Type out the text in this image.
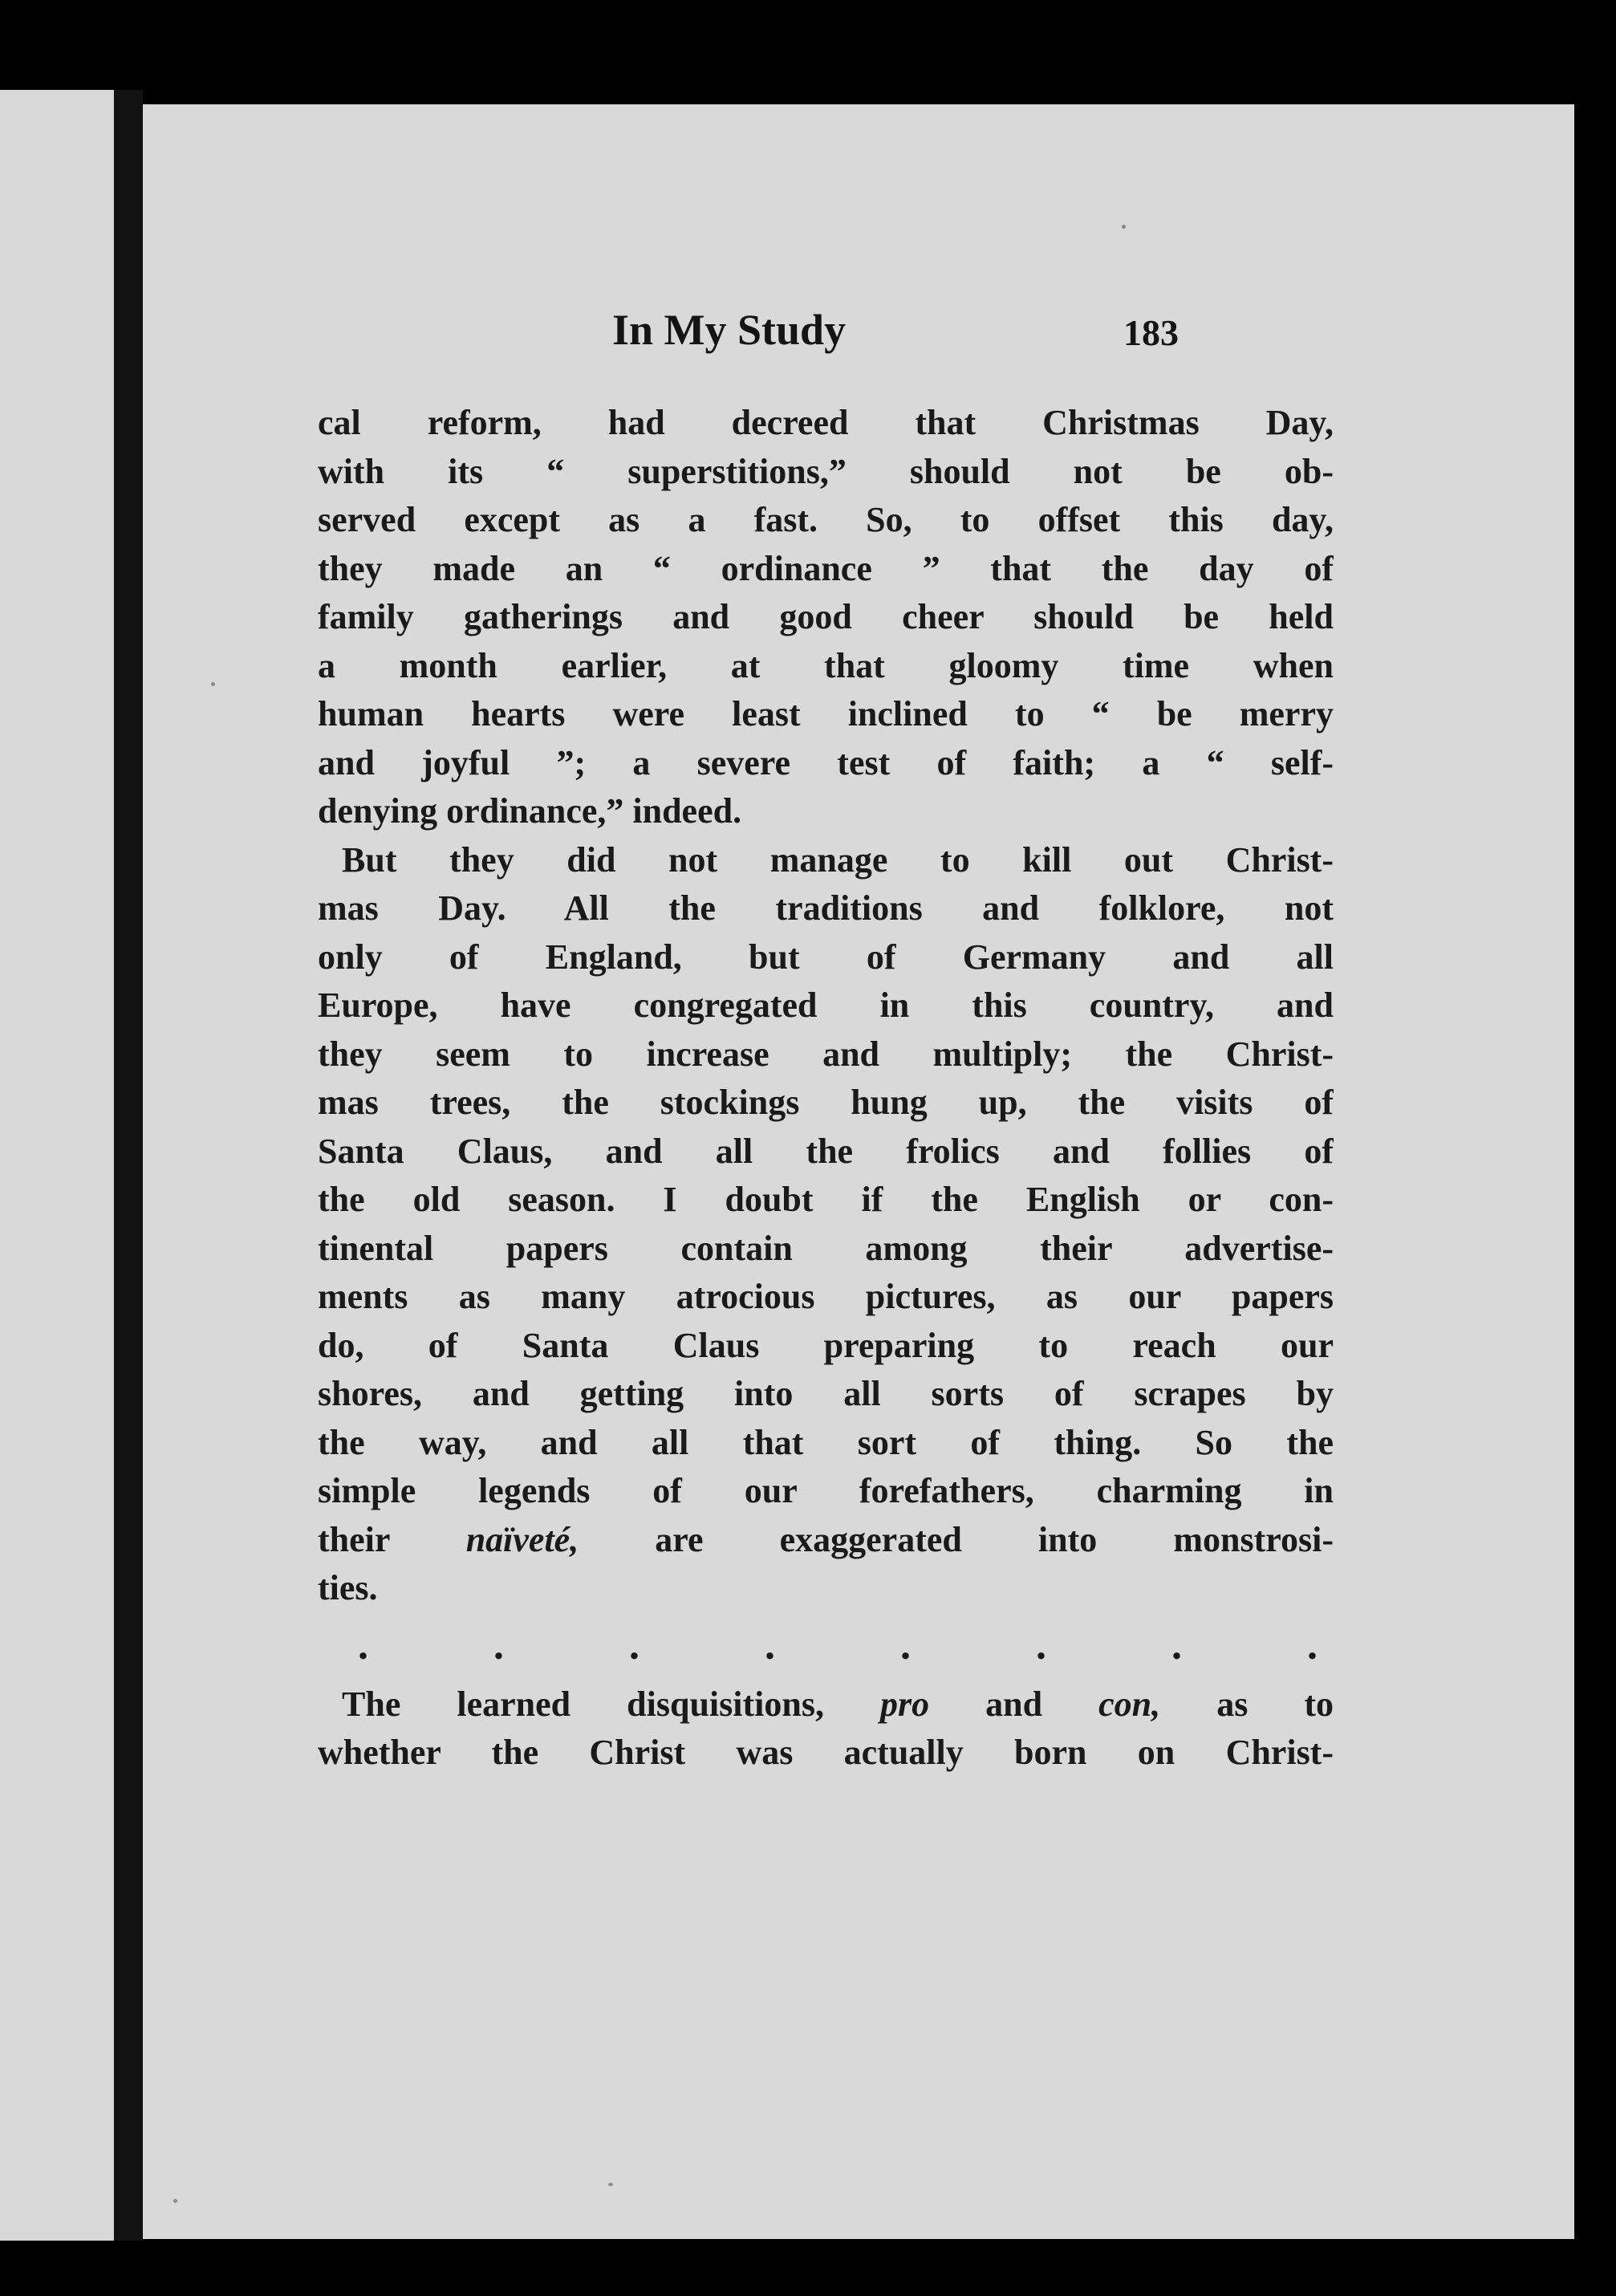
In My Study	183
cal reform, had decreed that Christmas Day,
with its “ superstitions,” should not be ob-
served except as a fast. So, to offset this day,
they made an “ ordinance ” that the day of
family gatherings and good cheer should be held
a month earlier, at that gloomy time when
human hearts were least inclined to “ be merry
and joyful ”; a severe test of faith; a “ self-
denying ordinance,” indeed.
But they did not manage to kill out Christ-
mas Day. All the traditions and folklore, not
only of England, but of Germany and all
Europe, have congregated in this country, and
they seem to increase and multiply; the Christ-
mas trees, the stockings hung up, the visits of
Santa Claus, and all the frolics and follies of
the old season. I doubt if the English or con-
tinental papers contain among their advertise-
ments as many atrocious pictures, as our papers
do, of Santa Claus preparing to reach our
shores, and getting into all sorts of scrapes by
the way, and all that sort of thing. So the
simple legends of our forefathers, charming in
their naïveté, are exaggerated into monstrosi-
ties.
. . . . . . . .
The learned disquisitions, pro and con, as to
whether the Christ was actually born on Christ-
